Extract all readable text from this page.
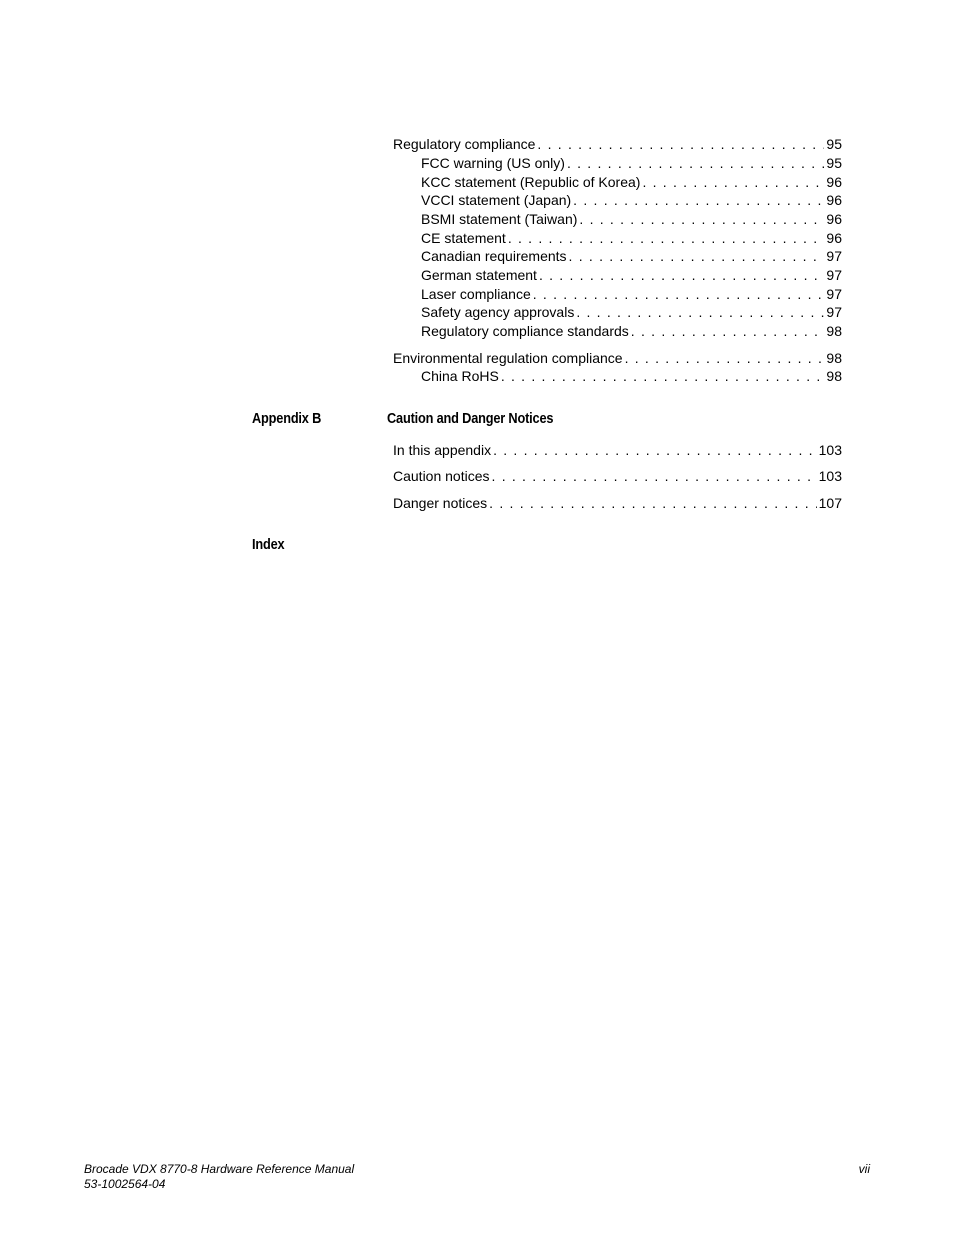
Regulatory compliance . . .	95
FCC warning (US only) . . .	95
KCC statement (Republic of Korea) . . .	96
VCCI statement (Japan) . . .	96
BSMI statement (Taiwan) . . .	96
CE statement . . .	96
Canadian requirements . . .	97
German statement . . .	97
Laser compliance . . .	97
Safety agency approvals . . .	97
Regulatory compliance standards . . .	98
Environmental regulation compliance . . .	98
China RoHS . . .	98
Appendix B	Caution and Danger Notices
In this appendix . . .	103
Caution notices . . .	103
Danger notices . . .	107
Index
Brocade VDX 8770-8 Hardware Reference Manual
53-1002564-04
vii
